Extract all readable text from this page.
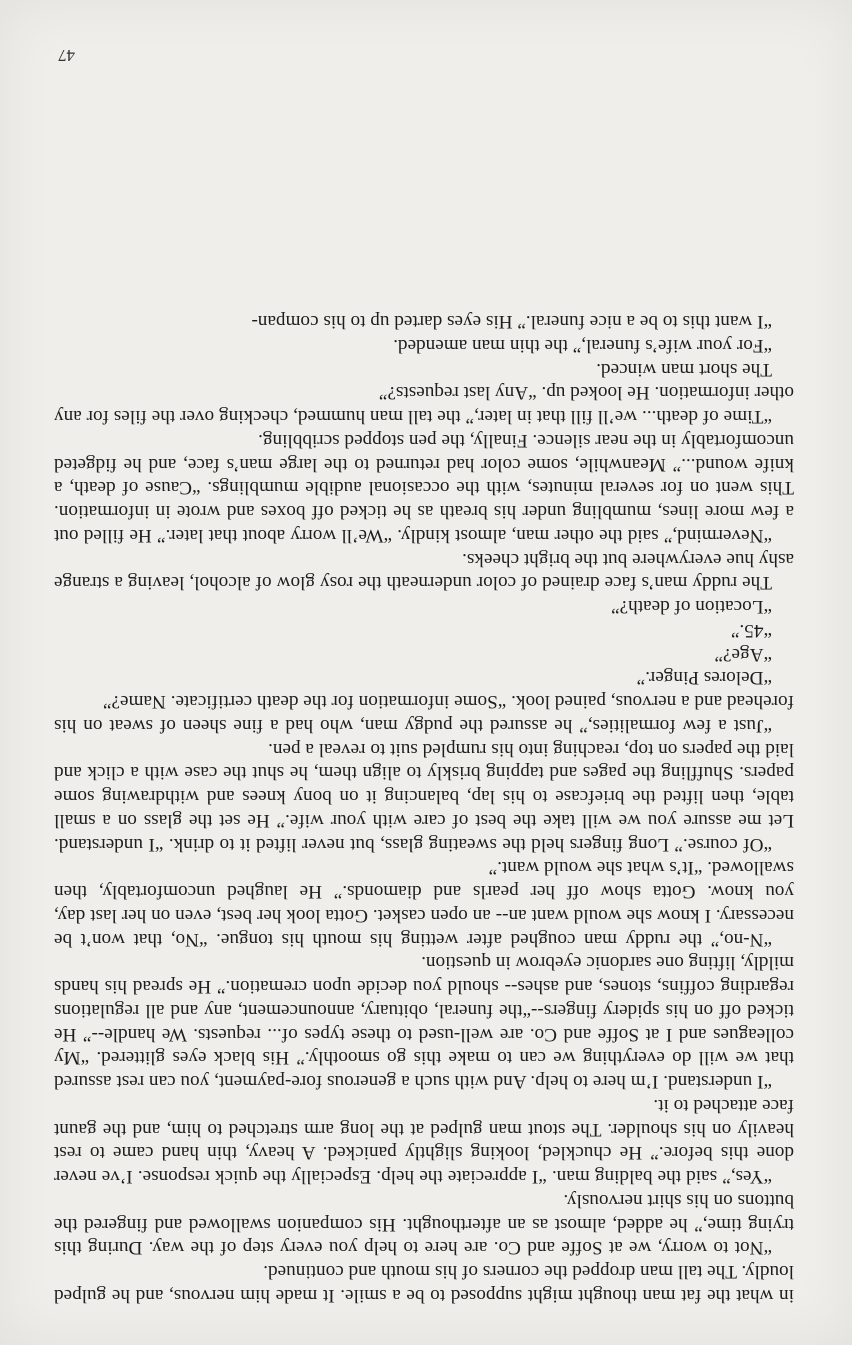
in what the fat man thought might supposed to be a smile. It made him nervous, and he gulped loudly. The tall man dropped the corners of his mouth and continued.

“Not to worry, we at Soffe and Co. are here to help you every step of the way. During this trying time,” he added, almost as an afterthought. His companion swallowed and fingered the buttons on his shirt nervously.

“Yes,” said the balding man. “I appreciate the help. Especially the quick response. I’ve never done this before.” He chuckled, looking slightly panicked. A heavy, thin hand came to rest heavily on his shoulder. The stout man gulped at the long arm stretched to him, and the gaunt face attached to it.

“I understand. I’m here to help. And with such a generous fore-payment, you can rest assured that we will do everything we can to make this go smoothly.” His black eyes glittered. “My colleagues and I at Soffe and Co. are well-used to these types of... requests. We handle--” He ticked off on his spidery fingers--“the funeral, obituary, announcement, any and all regulations regarding coffins, stones, and ashes-- should you decide upon cremation.” He spread his hands mildly, lifting one sardonic eyebrow in question.

“N-no,” the ruddy man coughed after wetting his mouth his tongue. “No, that won’t be necessary. I know she would want an-- an open casket. Gotta look her best, even on her last day, you know. Gotta show off her pearls and diamonds.” He laughed uncomfortably, then swallowed. “It’s what she would want.”

“Of course.” Long fingers held the sweating glass, but never lifted it to drink. “I understand. Let me assure you we will take the best of care with your wife.” He set the glass on a small table, then lifted the briefcase to his lap, balancing it on bony knees and withdrawing some papers. Shuffling the pages and tapping briskly to align them, he shut the case with a click and laid the papers on top, reaching into his rumpled suit to reveal a pen.

“Just a few formalities,” he assured the pudgy man, who had a fine sheen of sweat on his forehead and a nervous, pained look. “Some information for the death certificate. Name?”

“Delores Pinger.”

“Age?”

“45.”

“Location of death?”

The ruddy man’s face drained of color underneath the rosy glow of alcohol, leaving a strange ashy hue everywhere but the bright cheeks.

“Nevermind,” said the other man, almost kindly. “We’ll worry about that later.” He filled out a few more lines, mumbling under his breath as he ticked off boxes and wrote in information. This went on for several minutes, with the occasional audible mumblings. “Cause of death, a knife wound...” Meanwhile, some color had returned to the large man’s face, and he fidgeted uncomfortably in the near silence. Finally, the pen stopped scribbling.

“Time of death... we’ll fill that in later,” the tall man hummed, checking over the files for any other information. He looked up. “Any last requests?”

The short man winced.

“For your wife’s funeral,” the thin man amended.

“I want this to be a nice funeral.” His eyes darted up to his compan-

47
